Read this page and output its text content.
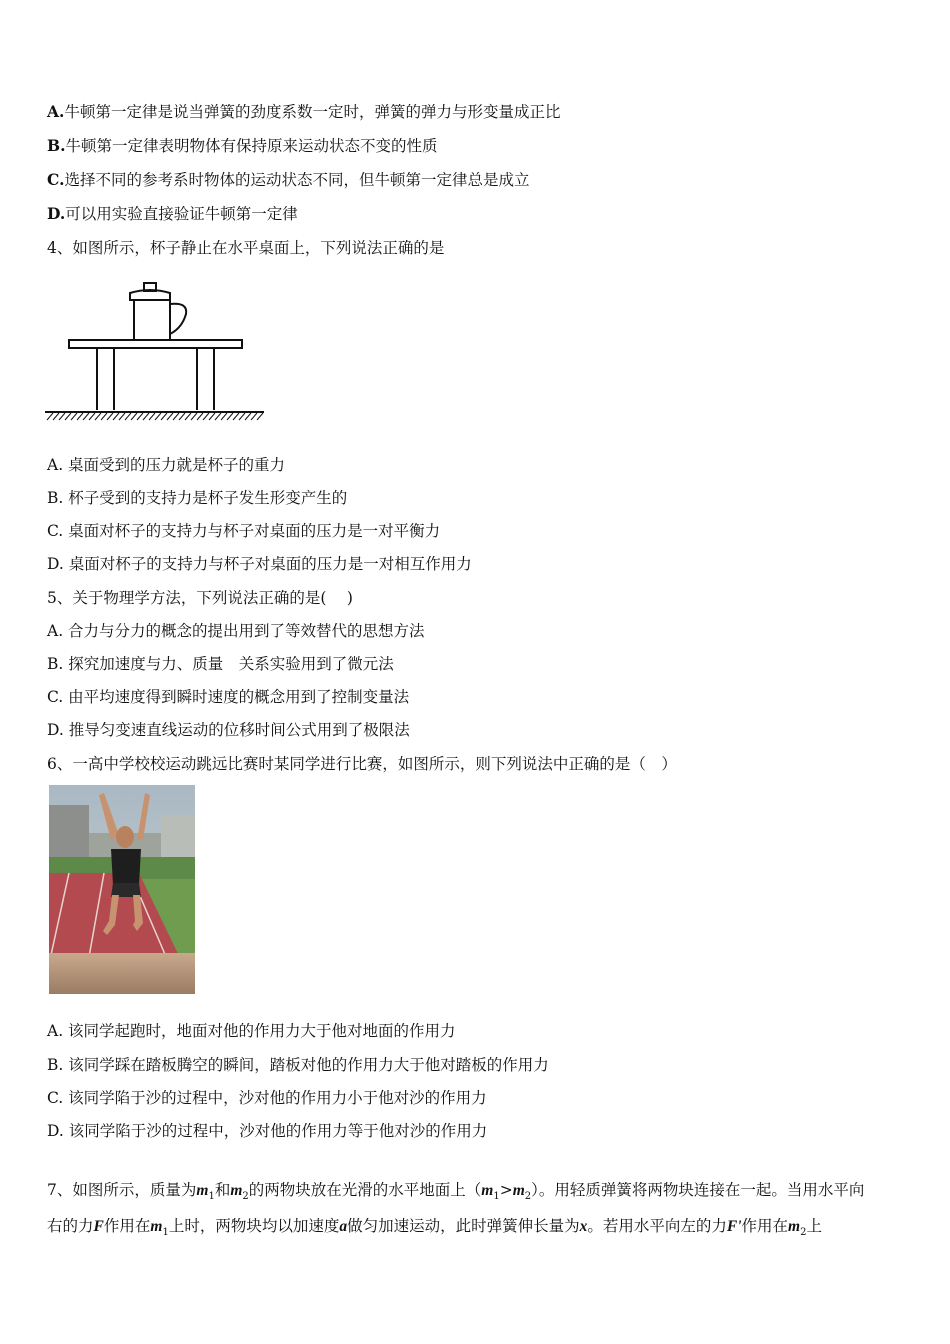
A.牛顿第一定律是说当弹簧的劲度系数一定时，弹簧的弹力与形变量成正比
B.牛顿第一定律表明物体有保持原来运动状态不变的性质
C.选择不同的参考系时物体的运动状态不同，但牛顿第一定律总是成立
D.可以用实验直接验证牛顿第一定律
4、如图所示，杯子静止在水平桌面上，下列说法正确的是
A. 桌面受到的压力就是杯子的重力
B. 杯子受到的支持力是杯子发生形变产生的
C. 桌面对杯子的支持力与杯子对桌面的压力是一对平衡力
D. 桌面对杯子的支持力与杯子对桌面的压力是一对相互作用力
5、关于物理学方法，下列说法正确的是(　 )
A. 合力与分力的概念的提出用到了等效替代的思想方法
B. 探究加速度与力、质量　关系实验用到了微元法
C. 由平均速度得到瞬时速度的概念用到了控制变量法
D. 推导匀变速直线运动的位移时间公式用到了极限法
6、一高中学校校运动跳远比赛时某同学进行比赛，如图所示，则下列说法中正确的是（　）
A. 该同学起跑时，地面对他的作用力大于他对地面的作用力
B. 该同学踩在踏板腾空的瞬间，踏板对他的作用力大于他对踏板的作用力
C. 该同学陷于沙的过程中，沙对他的作用力小于他对沙的作用力
D. 该同学陷于沙的过程中，沙对他的作用力等于他对沙的作用力
7、如图所示，质量为$m_1$和$m_2$的两物块放在光滑的水平地面上$(m_1>m_2)$。用轻质弹簧将两物块连接在一起。当用水平向
右的力F作用在$m_1$上时，两物块均以加速度a做匀加速运动，此时弹簧伸长量为x。若用水平向左的力F'作用在$m_2$上
